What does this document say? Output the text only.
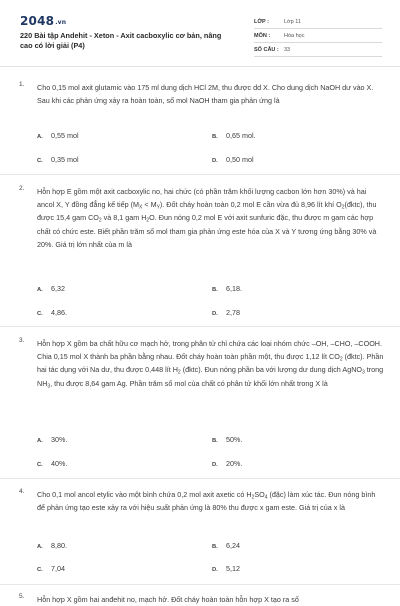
2048.vn
220 Bài tập Andehit - Xeton - Axit cacboxylic cơ bản, nâng cao có lời giải (P4)
LỚP :	Lớp 11
MÔN :	Hóa học
SỐ CÂU : 33
1. Cho 0,15 mol axit glutamic vào 175 ml dung dịch HCl 2M, thu được dd X. Cho dung dịch NaOH dư vào X. Sau khi các phản ứng xảy ra hoàn toàn, số mol NaOH tham gia phản ứng là
A. 0,55 mol	B. 0,65 mol.
C. 0,35 mol	D. 0,50 mol
2. Hỗn hợp E gồm một axit cacboxylic no, hai chức (có phần trăm khối lượng cacbon lớn hơn 30%) và hai ancol X, Y đồng đẳng kế tiếp $(M_X < M_Y)$. Đốt cháy hoàn toàn 0,2 mol E cần vừa đủ 8,96 lít khí $O_2(đktc)$, thu được 15,4 gam $CO_2$ và 8,1 gam $H_2O$. Đun nóng 0,2 mol E với axit sunfuric đặc, thu được m gam các hợp chất có chức este. Biết phần trăm số mol tham gia phản ứng este hóa của X và Y tương ứng bằng 30% và 20%. Giá trị lớn nhất của m là
A. 6,32	B. 6,18.
C. 4,86.	D. 2,78
3. Hỗn hợp X gồm ba chất hữu cơ mạch hở, trong phân tử chỉ chứa các loại nhóm chức –OH, –CHO, –COOH. Chia 0,15 mol X thành ba phần bằng nhau. Đốt cháy hoàn toàn phần một, thu được 1,12 lít $CO_2$ (đktc). Phần hai tác dụng với Na dư, thu được 0,448 lít $H_2$ (đktc). Đun nóng phần ba với lượng dư dung dịch AgNO$_3$ trong $NH_3$, thu được 8,64 gam Ag. Phần trăm số mol của chất có phân tử khối lớn nhất trong X là
A. 30%.	B. 50%.
C. 40%.	D. 20%.
4. Cho 0,1 mol ancol etylic vào một bình chứa 0,2 mol axit axetic có $H_2SO_4$ (đặc) làm xúc tác. Đun nóng bình để phản ứng tạo este xảy ra với hiệu suất phản ứng là 80% thu được x gam este. Giá trị của x là
A. 8,80.	B. 6,24
C. 7,04	D. 5,12
5. Hỗn hợp X gồm hai anđehit no, mạch hở. Đốt cháy hoàn toàn hỗn hợp X tạo ra số
